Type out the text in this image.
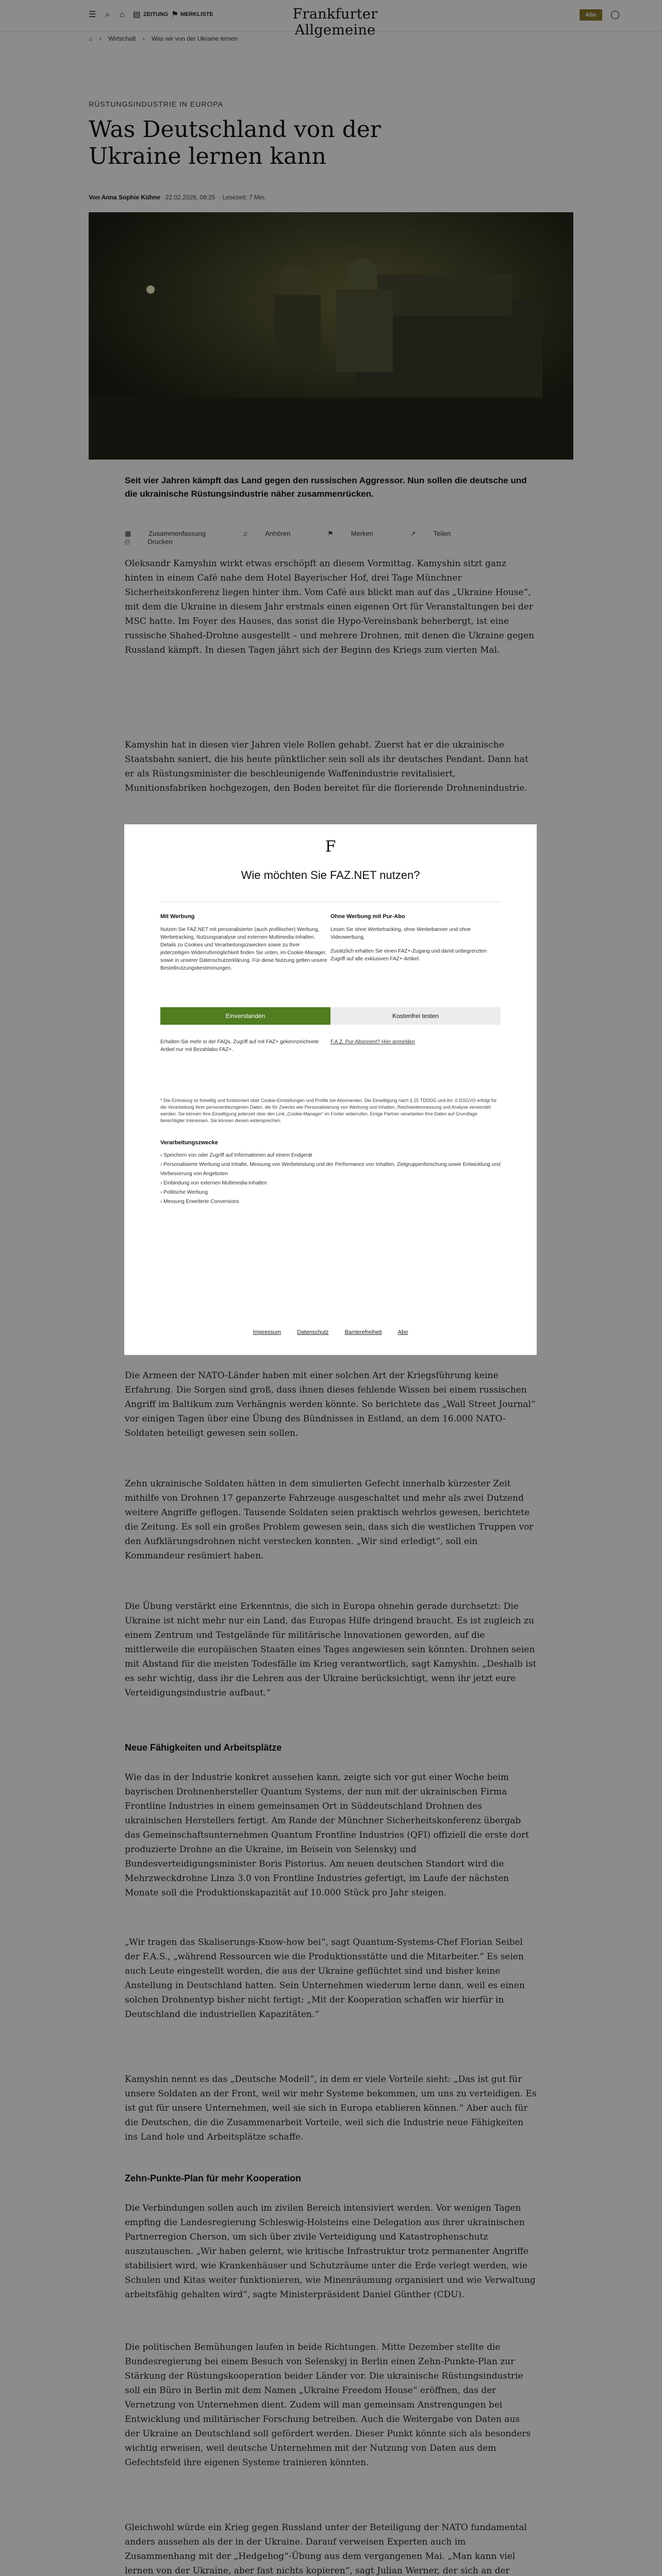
☰ ⌕ ⌂ ▤ ZEITUNG ⚑ MERKLISTE	Frankfurter Allgemeine
Abo	◯
⌂ › Wirtschaft › Was wir von der Ukraine lernen
RÜSTUNGSINDUSTRIE IN EUROPA
Was Deutschland von der Ukraine lernen kann
Von Anna Sophie Kühne 22.02.2026, 08:25  · Lesezeit: 7 Min.
Seit vier Jahren kämpft das Land gegen den russischen Aggressor. Nun sollen die deutsche und die ukrainische Rüstungsindustrie näher zusammenrücken.
▦	Zusammenfassung	♫	Anhören	⚑	Merken	↗	Teilen ⎙	Drucken

Oleksandr Kamyshin wirkt etwas erschöpft an diesem Vormittag. Kamyshin sitzt ganz hinten in einem Café nahe dem Hotel Bayerischer Hof, drei Tage Münchner Sicherheitskonferenz liegen hinter ihm. Vom Café aus blickt man auf das „Ukraine House“, mit dem die Ukraine in diesem Jahr erstmals einen eigenen Ort für Veranstaltungen bei der MSC hatte. Im Foyer des Hauses, das sonst die Hypo-Vereinsbank beherbergt, ist eine russische Shahed-Drohne ausgestellt – und mehrere Drohnen, mit denen die Ukraine gegen Russland kämpft. In diesen Tagen jährt sich der Beginn des Kriegs zum vierten Mal.

Kamyshin hat in diesen vier Jahren viele Rollen gehabt. Zuerst hat er die ukrainische Staatsbahn saniert, die bis heute pünktlicher sein soll als ihr deutsches Pendant. Dann hat er als Rüstungsminister die beschleunigende Waffenindustrie revitalisiert, Munitionsfabriken hochgezogen, den Boden bereitet für die florierende Drohnenindustrie.

Die Armeen der NATO-Länder haben mit einer solchen Art der Kriegsführung keine Erfahrung. Die Sorgen sind groß, dass ihnen dieses fehlende Wissen bei einem russischen Angriff im Baltikum zum Verhängnis werden könnte. So berichtete das „Wall Street Journal“ vor einigen Tagen über eine Übung des Bündnisses in Estland, an dem 16.000 NATO-Soldaten beteiligt gewesen sein sollen.

Zehn ukrainische Soldaten hätten in dem simulierten Gefecht innerhalb kürzester Zeit mithilfe von Drohnen 17 gepanzerte Fahrzeuge ausgeschaltet und mehr als zwei Dutzend weitere Angriffe geflogen. Tausende Soldaten seien praktisch wehrlos gewesen, berichtete die Zeitung. Es soll ein großes Problem gewesen sein, dass sich die westlichen Truppen vor den Aufklärungsdrohnen nicht verstecken konnten. „Wir sind erledigt“, soll ein Kommandeur resümiert haben.

Die Übung verstärkt eine Erkenntnis, die sich in Europa ohnehin gerade durchsetzt: Die Ukraine ist nicht mehr nur ein Land, das Europas Hilfe dringend braucht. Es ist zugleich zu einem Zentrum und Testgelände für militärische Innovationen geworden, auf die mittlerweile die europäischen Staaten eines Tages angewiesen sein könnten. Drohnen seien mit Abstand für die meisten Todesfälle im Krieg verantwortlich, sagt Kamyshin. „Deshalb ist es sehr wichtig, dass ihr die Lehren aus der Ukraine berücksichtigt, wenn ihr jetzt eure Verteidigungsindustrie aufbaut.“

Neue Fähigkeiten und Arbeitsplätze

Wie das in der Industrie konkret aussehen kann, zeigte sich vor gut einer Woche beim bayrischen Drohnenhersteller Quantum Systems, der nun mit der ukrainischen Firma Frontline Industries in einem gemeinsamen Ort in Süddeutschland Drohnen des ukrainischen Herstellers fertigt. Am Rande der Münchner Sicherheitskonferenz übergab das Gemeinschaftsunternehmen Quantum Frontline Industries (QFI) offiziell die erste dort produzierte Drohne an die Ukraine, im Beisein von Selenskyj und Bundesverteidigungsminister Boris Pistorius. Am neuen deutschen Standort wird die Mehrzweckdrohne Linza 3.0 von Frontline Industries gefertigt, im Laufe der nächsten Monate soll die Produktionskapazität auf 10.000 Stück pro Jahr steigen.

„Wir tragen das Skaliserungs-Know-how bei“, sagt Quantum-Systems-Chef Florian Seibel der F.A.S., „während Ressourcen wie die Produktionsstätte und die Mitarbeiter.“ Es seien auch Leute eingestellt worden, die aus der Ukraine geflüchtet sind und bisher keine Anstellung in Deutschland hatten. Sein Unternehmen wiederum lerne dann, weil es einen solchen Drohnentyp bisher nicht fertigt: „Mit der Kooperation schaffen wir hierfür in Deutschland die industriellen Kapazitäten.“

Kamyshin nennt es das „Deutsche Modell“, in dem er viele Vorteile sieht: „Das ist gut für unsere Soldaten an der Front, weil wir mehr Systeme bekommen, um uns zu verteidigen. Es ist gut für unsere Unternehmen, weil sie sich in Europa etablieren können.“ Aber auch für die Deutschen, die die Zusammenarbeit Vorteile, weil sich die Industrie neue Fähigkeiten ins Land hole und Arbeitsplätze schaffe.

Zehn-Punkte-Plan für mehr Kooperation

Die Verbindungen sollen auch im zivilen Bereich intensiviert werden. Vor wenigen Tagen empfing die Landesregierung Schleswig-Holsteins eine Delegation aus ihrer ukrainischen Partnerregion Cherson, um sich über zivile Verteidigung und Katastrophenschutz auszutauschen. „Wir haben gelernt, wie kritische Infrastruktur trotz permanenter Angriffe stabilisiert wird, wie Krankenhäuser und Schutzräume unter die Erde verlegt werden, wie Schulen und Kitas weiter funktionieren, wie Minenräumung organisiert und wie Verwaltung arbeitsfähig gehalten wird“, sagte Ministerpräsident Daniel Günther (CDU).

Die politischen Bemühungen laufen in beide Richtungen. Mitte Dezember stellte die Bundesregierung bei einem Besuch von Selenskyj in Berlin einen Zehn-Punkte-Plan zur Stärkung der Rüstungskooperation beider Länder vor. Die ukrainische Rüstungsindustrie soll ein Büro in Berlin mit dem Namen „Ukraine Freedom House“ eröffnen, das der Vernetzung von Unternehmen dient. Zudem will man gemeinsam Anstrengungen bei Entwicklung und militärischer Forschung betreiben. Auch die Weitergabe von Daten aus der Ukraine an Deutschland soll gefördert werden. Dieser Punkt könnte sich als besonders wichtig erweisen, weil deutsche Unternehmen mit der Nutzung von Daten aus dem Gefechtsfeld ihre eigenen Systeme trainieren könnten.

Gleichwohl würde ein Krieg gegen Russland unter der Beteiligung der NATO fundamental anders aussehen als der in der Ukraine. Darauf verweisen Experten auch im Zusammenhang mit der „Hedgehog“-Übung aus dem vergangenen Mai. „Man kann viel lernen von der Ukraine, aber fast nichts kopieren“, sagt Julian Werner, der sich an der

F
Wie möchten Sie FAZ.NET nutzen?
Mit Werbung
Nutzen Sie FAZ.NET mit personalisierter (auch profilischer) Werbung, Werbetracking, Nutzungsanalyse und externen Multimedia-Inhalten. Details zu Cookies und Verarbeitungszwecken sowie zu Ihrer jederzeitigen Widerrufsmöglichkeit finden Sie unten, im Cookie-Manager, sowie in unserer Datenschutzerklärung. Für diese Nutzung gelten unsere Bestellnutzungsbestimmungen.
Einverstanden
Erhalten Sie mehr in der FAQs. Zugriff auf mit FAZ+ gekennzeichnete Artikel nur mit Bezahlabo FAZ+.
Ohne Werbung mit Pur-Abo
Lesen Sie ohne Werbetracking, ohne Werbebanner und ohne Videowerbung.
Zusätzlich erhalten Sie einen FAZ+-Zugang und damit unbegrenzten Zugriff auf alle exklusiven FAZ+-Artikel.
Kostenfrei testen
F.A.Z. Pur-Abonnent? Hier anmelden
* Die Einholung ist freiwillig und funktioniert über Cookie-Einstellungen und Profile bei Abonnenten. Die Einwilligung nach § 25 TDDDG und Art. 6 DSGVO erfolgt für die Verarbeitung Ihrer personenbezogenen Daten, die für Zwecke wie Personalisierung von Werbung und Inhalten, Reichweitenmessung und Analyse verwendet werden. Sie können Ihre Einwilligung jederzeit über den Link „Cookie-Manager“ im Footer widerrufen. Einige Partner verarbeiten Ihre Daten auf Grundlage berechtigter Interessen. Sie können diesen widersprechen.
Verarbeitungszwecke
› Speichern von oder Zugriff auf Informationen auf einem Endgerät
› Personalisierte Werbung und Inhalte, Messung von Werbeleistung und der Performance von Inhalten, Zielgruppenforschung sowie Entwicklung und Verbesserung von Angeboten
› Einbindung von externen Multimedia-Inhalten
› Politische Werbung
› Messung Erweiterte Conversions
Impressum	Datenschutz	Barrierefreiheit	Abo
